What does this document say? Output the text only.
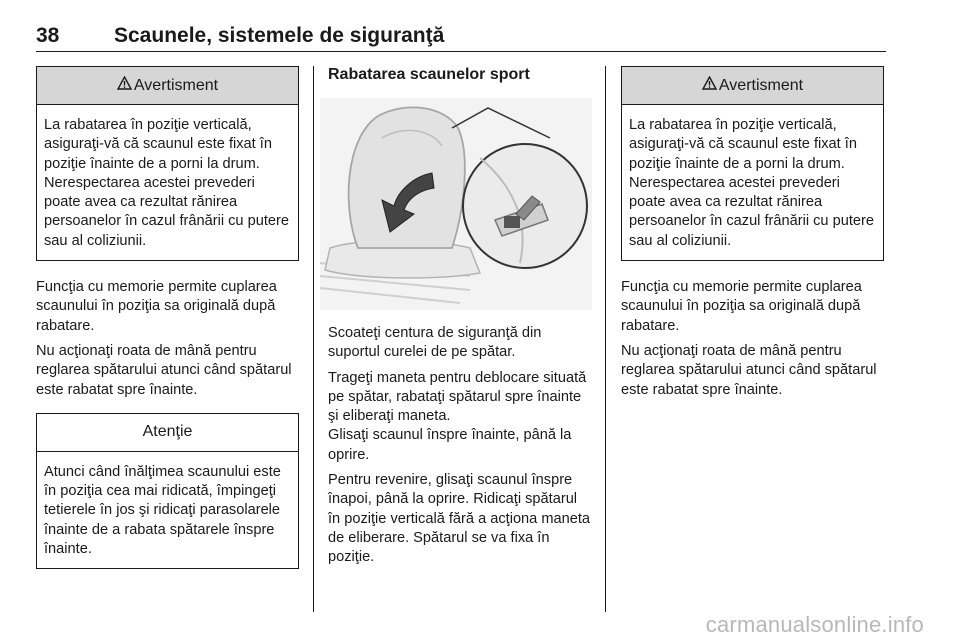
38	Scaunele, sistemele de siguranţă
Avertisment
La rabatarea în poziţie verticală, asiguraţi-vă că scaunul este fixat în poziţie înainte de a porni la drum. Nerespectarea acestei prevederi poate avea ca rezultat rănirea persoanelor în cazul frânării cu putere sau al coliziunii.

Funcţia cu memorie permite cuplarea scaunului în poziţia sa originală după rabatare.

Nu acţionaţi roata de mână pentru reglarea spătarului atunci când spătarul este rabatat spre înainte.

Atenţie
Atunci când înălţimea scaunului este în poziţia cea mai ridicată, împingeţi tetierele în jos şi ridicaţi parasolarele înainte de a rabata spătarele înspre înainte.

Rabatarea scaunelor sport

Scoateţi centura de siguranţă din suportul curelei de pe spătar.

Trageţi maneta pentru deblocare situată pe spătar, rabataţi spătarul spre înainte şi eliberaţi maneta.

Glisaţi scaunul înspre înainte, până la oprire.

Pentru revenire, glisaţi scaunul înspre înapoi, până la oprire. Ridicaţi spătarul în poziţie verticală fără a acţiona maneta de eliberare. Spătarul se va fixa în poziţie.

Avertisment
La rabatarea în poziţie verticală, asiguraţi-vă că scaunul este fixat în poziţie înainte de a porni la drum. Nerespectarea acestei prevederi poate avea ca rezultat rănirea persoanelor în cazul frânării cu putere sau al coliziunii.

Funcţia cu memorie permite cuplarea scaunului în poziţia sa originală după rabatare.

Nu acţionaţi roata de mână pentru reglarea spătarului atunci când spătarul este rabatat spre înainte.

carmanualsonline.info
